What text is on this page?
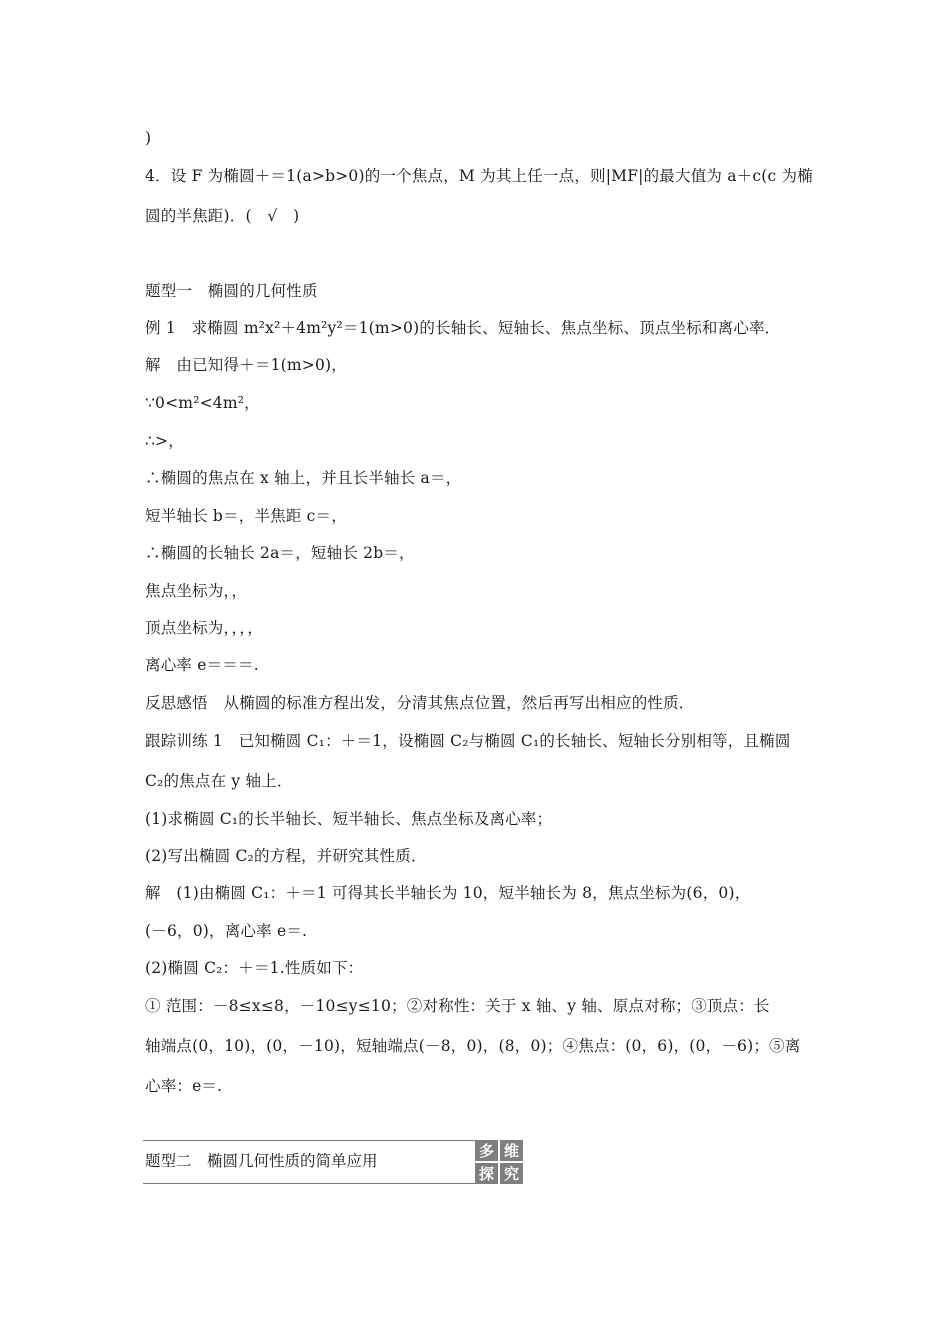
)
4．设 F 为椭圆＋＝1(a>b>0)的一个焦点，M 为其上任一点，则|MF|的最大值为 a＋c(c 为椭
圆的半焦距)．(　√　)
题型一　椭圆的几何性质
例 1　求椭圆 m²x²＋4m²y²＝1(m>0)的长轴长、短轴长、焦点坐标、顶点坐标和离心率．
解　由已知得＋＝1(m>0)，
∵0<m²<4m²，
∴>，
∴椭圆的焦点在 x 轴上，并且长半轴长 a＝，
短半轴长 b＝，半焦距 c＝，
∴椭圆的长轴长 2a＝，短轴长 2b＝，
焦点坐标为，，
顶点坐标为，，，，
离心率 e＝＝＝.
反思感悟　从椭圆的标准方程出发，分清其焦点位置，然后再写出相应的性质．
跟踪训练 1　已知椭圆 C₁：＋＝1，设椭圆 C₂与椭圆 C₁的长轴长、短轴长分别相等，且椭圆
C₂的焦点在 y 轴上．
(1)求椭圆 C₁的长半轴长、短半轴长、焦点坐标及离心率；
(2)写出椭圆 C₂的方程，并研究其性质．
解　(1)由椭圆 C₁：＋＝1 可得其长半轴长为 10，短半轴长为 8，焦点坐标为(6，0)，
(－6，0)，离心率 e＝.
(2)椭圆 C₂：＋＝1.性质如下：
① 范围：－8≤x≤8，－10≤y≤10；②对称性：关于 x 轴、y 轴、原点对称；③顶点：长
轴端点(0，10)，(0，－10)，短轴端点(－8，0)，(8，0)；④焦点：(0，6)，(0，－6)；⑤离
心率：e＝.
题型二　椭圆几何性质的简单应用
多 维
探 究
